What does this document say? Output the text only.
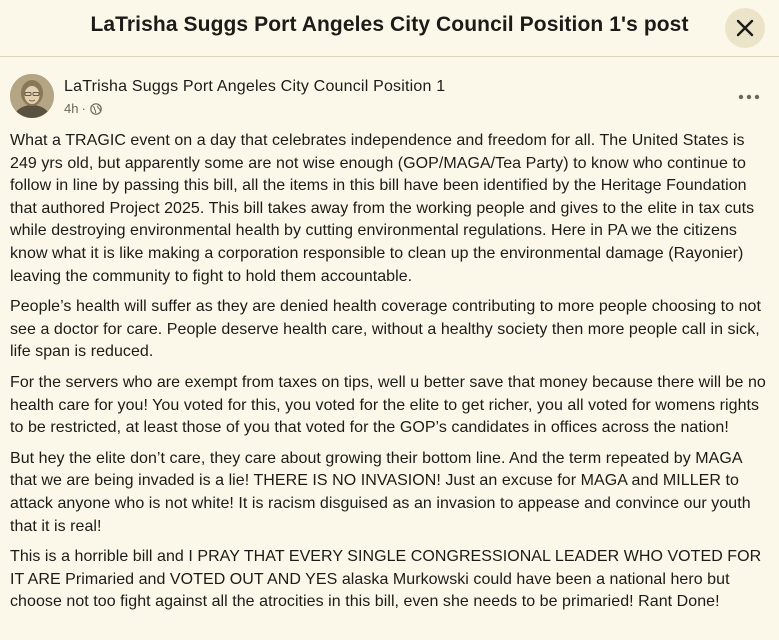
LaTrisha Suggs Port Angeles City Council Position 1's post
LaTrisha Suggs Port Angeles City Council Position 1
4h ·

What a TRAGIC event on a day that celebrates independence and freedom for all. The United States is 249 yrs old, but apparently some are not wise enough (GOP/MAGA/Tea Party) to know who continue to follow in line by passing this bill, all the items in this bill have been identified by the Heritage Foundation that authored Project 2025. This bill takes away from the working people and gives to the elite in tax cuts while destroying environmental health by cutting environmental regulations. Here in PA we the citizens know what it is like making a corporation responsible to clean up the environmental damage (Rayonier) leaving the community to fight to hold them accountable.

People’s health will suffer as they are denied health coverage contributing to more people choosing to not see a doctor for care. People deserve health care, without a healthy society then more people call in sick, life span is reduced.

For the servers who are exempt from taxes on tips, well u better save that money because there will be no health care for you! You voted for this, you voted for the elite to get richer, you all voted for womens rights to be restricted, at least those of you that voted for the GOP’s candidates in offices across the nation!

But hey the elite don’t care, they care about growing their bottom line. And the term repeated by MAGA that we are being invaded is a lie! THERE IS NO INVASION! Just an excuse for MAGA and MILLER to attack anyone who is not white! It is racism disguised as an invasion to appease and convince our youth that it is real!

This is a horrible bill and I PRAY THAT EVERY SINGLE CONGRESSIONAL LEADER WHO VOTED FOR IT ARE Primaried and VOTED OUT AND YES alaska Murkowski could have been a national hero but choose not too fight against all the atrocities in this bill, even she needs to be primaried! Rant Done!
